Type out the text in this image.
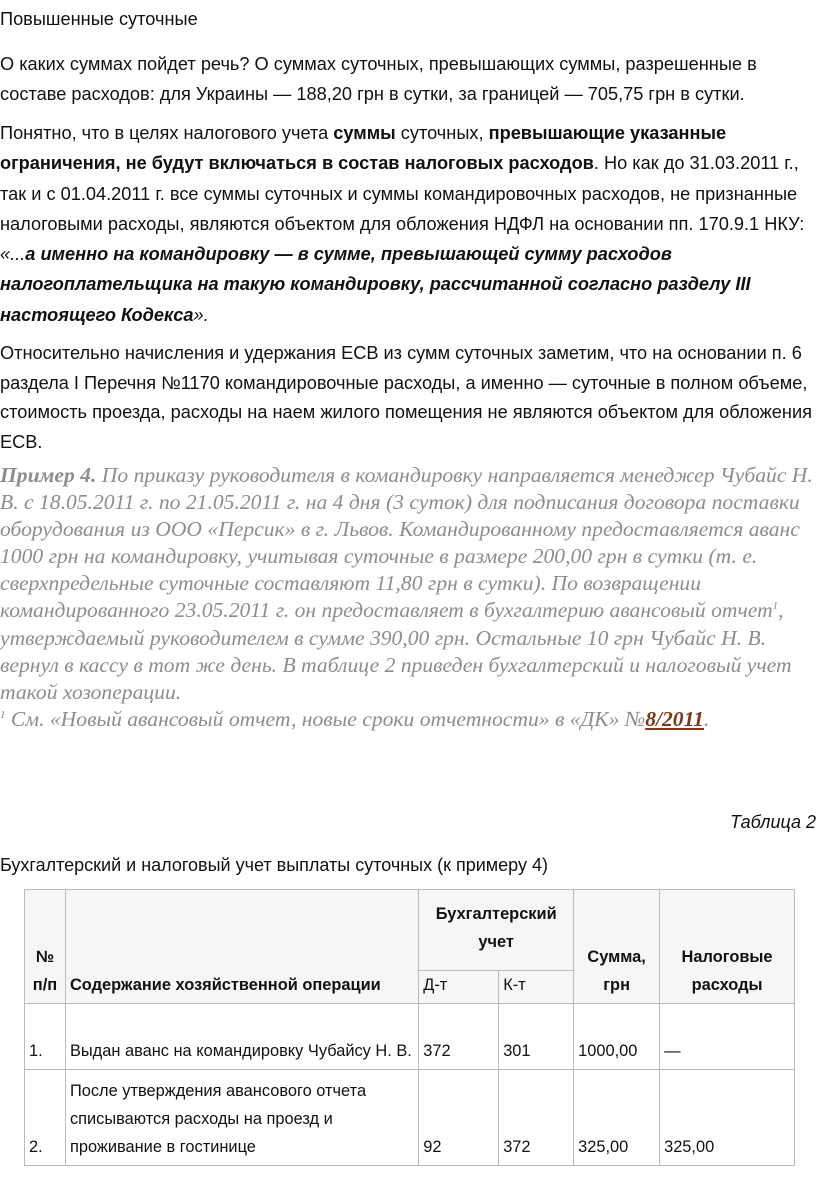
Повышенные суточные

О каких суммах пойдет речь? О суммах суточных, превышающих суммы, разрешенные в составе расходов: для Украины — 188,20 грн в сутки, за границей — 705,75 грн в сутки.

Понятно, что в целях налогового учета суммы суточных, превышающие указанные ограничения, не будут включаться в состав налоговых расходов. Но как до 31.03.2011 г., так и с 01.04.2011 г. все суммы суточных и суммы командировочных расходов, не признанные налоговыми расходы, являются объектом для обложения НДФЛ на основании пп. 170.9.1 НКУ: «...а именно на командировку — в сумме, превышающей сумму расходов налогоплательщика на такую командировку, рассчитанной согласно разделу III настоящего Кодекса».

Относительно начисления и удержания ЕСВ из сумм суточных заметим, что на основании п. 6 раздела I Перечня №1170 командировочные расходы, а именно — суточные в полном объеме, стоимость проезда, расходы на наем жилого помещения не являются объектом для обложения ЕСВ.

Пример 4. По приказу руководителя в командировку направляется менеджер Чубайс Н. В. с 18.05.2011 г. по 21.05.2011 г. на 4 дня (3 суток) для подписания договора поставки оборудования из ООО «Персик» в г. Львов. Командированному предоставляется аванс 1000 грн на командировку, учитывая суточные в размере 200,00 грн в сутки (т. е. сверхпредельные суточные составляют 11,80 грн в сутки). По возвращении командированного 23.05.2011 г. он предоставляет в бухгалтерию авансовый отчет$^1$, утверждаемый руководителем в сумме 390,00 грн. Остальные 10 грн Чубайс Н. В. вернул в кассу в тот же день. В таблице 2 приведен бухгалтерский и налоговый учет такой хозоперации.
$^1$ См. «Новый авансовый отчет, новые сроки отчетности» в «ДК» №8/2011.

Таблица 2
Бухгалтерский и налоговый учет выплаты суточных (к примеру 4)
№ п/п	Содержание хозяйственной операции	Бухгалтерский учет		Сумма, грн	Налоговые расходы
		Д-т	К-т		
1.	Выдан аванс на командировку Чубайсу Н. В.	372	301	1000,00	—
2.	После утверждения авансового отчета списываются расходы на проезд и проживание в гостинице	92	372	325,00	325,00
